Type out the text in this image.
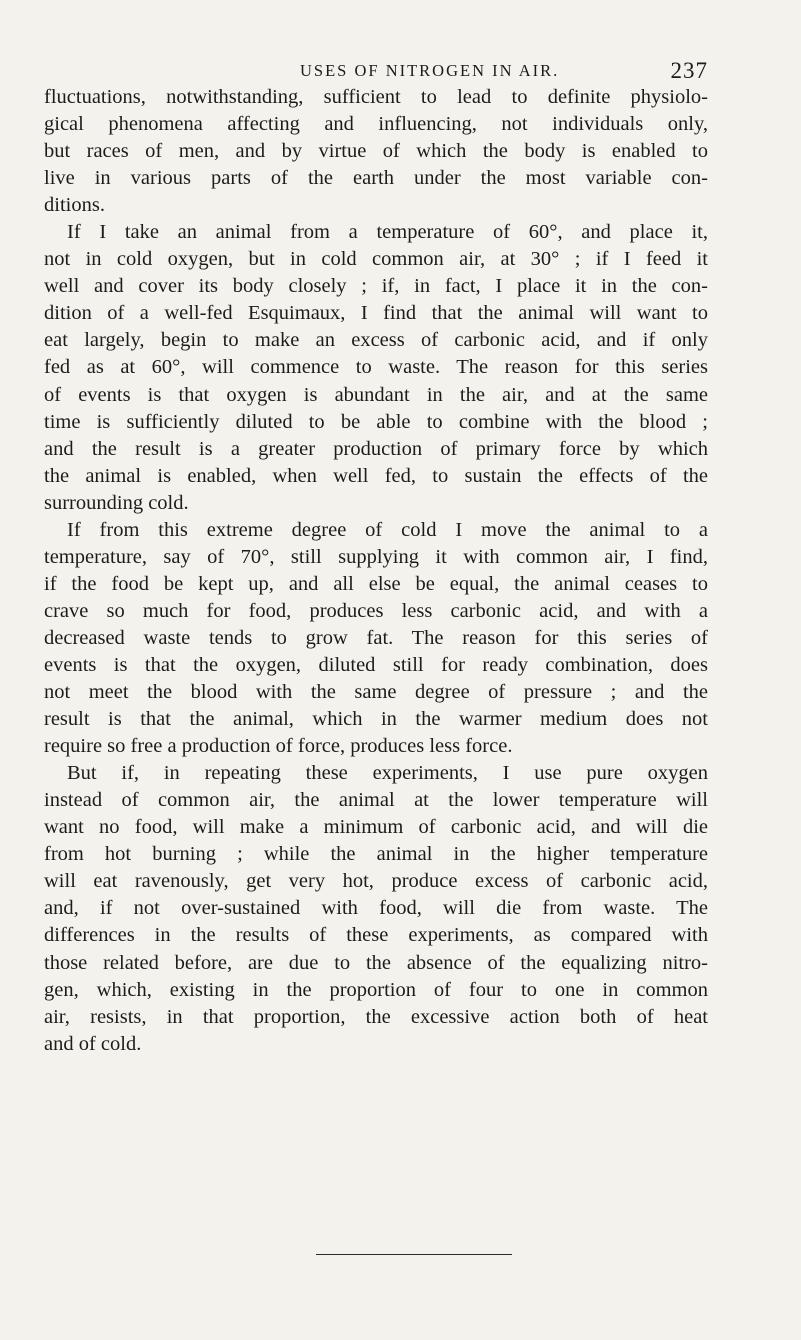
USES OF NITROGEN IN AIR.	237
fluctuations, notwithstanding, sufficient to lead to definite physiolo-
gical phenomena affecting and influencing, not individuals only,
but races of men, and by virtue of which the body is enabled to
live in various parts of the earth under the most variable con-
ditions.
If I take an animal from a temperature of 60°, and place it,
not in cold oxygen, but in cold common air, at 30° ; if I feed it
well and cover its body closely ; if, in fact, I place it in the con-
dition of a well-fed Esquimaux, I find that the animal will want to
eat largely, begin to make an excess of carbonic acid, and if only
fed as at 60°, will commence to waste. The reason for this series
of events is that oxygen is abundant in the air, and at the same
time is sufficiently diluted to be able to combine with the blood ;
and the result is a greater production of primary force by which
the animal is enabled, when well fed, to sustain the effects of the
surrounding cold.
If from this extreme degree of cold I move the animal to a
temperature, say of 70°, still supplying it with common air, I find,
if the food be kept up, and all else be equal, the animal ceases to
crave so much for food, produces less carbonic acid, and with a
decreased waste tends to grow fat. The reason for this series of
events is that the oxygen, diluted still for ready combination, does
not meet the blood with the same degree of pressure ; and the
result is that the animal, which in the warmer medium does not
require so free a production of force, produces less force.
But if, in repeating these experiments, I use pure oxygen
instead of common air, the animal at the lower temperature will
want no food, will make a minimum of carbonic acid, and will die
from hot burning ; while the animal in the higher temperature
will eat ravenously, get very hot, produce excess of carbonic acid,
and, if not over-sustained with food, will die from waste. The
differences in the results of these experiments, as compared with
those related before, are due to the absence of the equalizing nitro-
gen, which, existing in the proportion of four to one in common
air, resists, in that proportion, the excessive action both of heat
and of cold.
